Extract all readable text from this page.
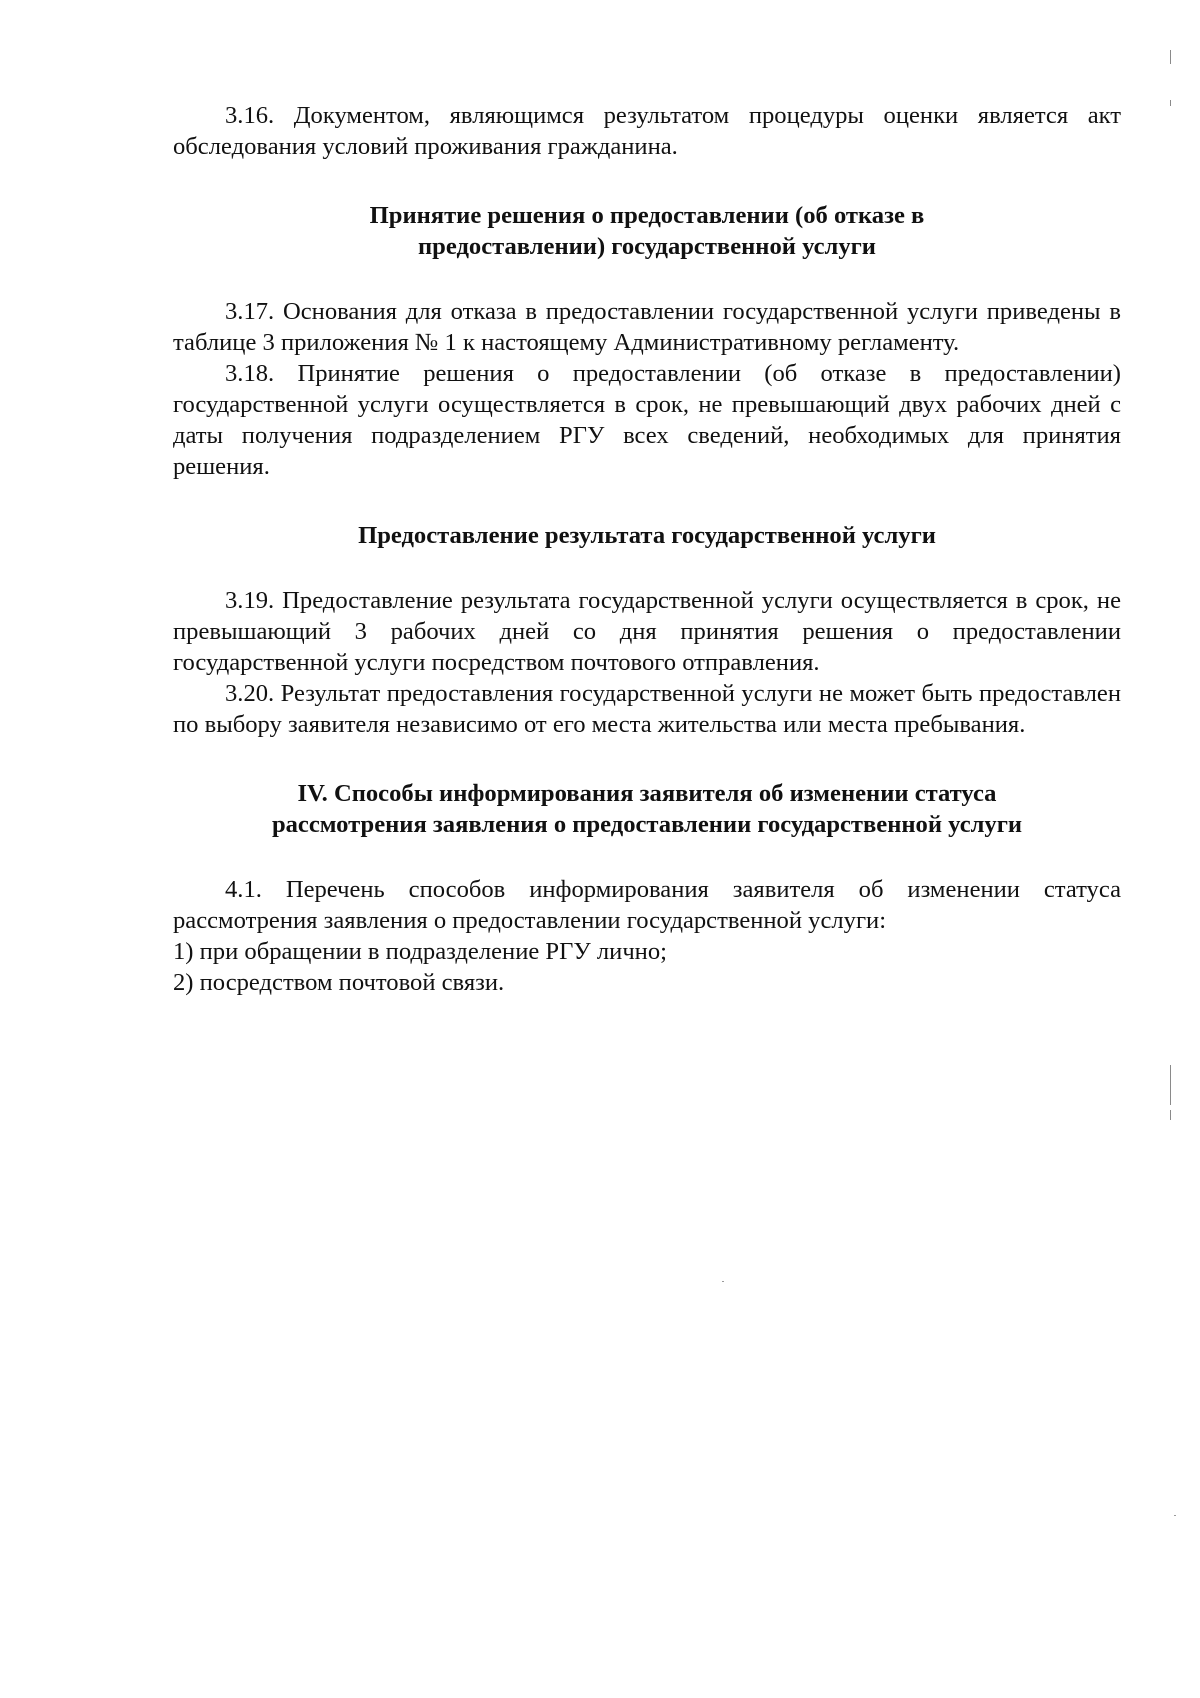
3.16. Документом, являющимся результатом процедуры оценки является акт обследования условий проживания гражданина.

Принятие решения о предоставлении (об отказе в

предоставлении) государственной услуги

3.17. Основания для отказа в предоставлении государственной услуги приведены в таблице 3 приложения № 1 к настоящему Административному регламенту.

3.18. Принятие решения о предоставлении (об отказе в предоставлении) государственной услуги осуществляется в срок, не превышающий двух рабочих дней с даты получения подразделением РГУ всех сведений, необходимых для принятия решения.

Предоставление результата государственной услуги

3.19. Предоставление результата государственной услуги осуществляется в срок, не превышающий 3 рабочих дней со дня принятия решения о предоставлении государственной услуги посредством почтового отправления.

3.20. Результат предоставления государственной услуги не может быть предоставлен по выбору заявителя независимо от его места жительства или места пребывания.

IV. Способы информирования заявителя об изменении статуса

рассмотрения заявления о предоставлении государственной услуги

4.1. Перечень способов информирования заявителя об изменении статуса рассмотрения заявления о предоставлении государственной услуги:

1) при обращении в подразделение РГУ лично;

2) посредством почтовой связи.
